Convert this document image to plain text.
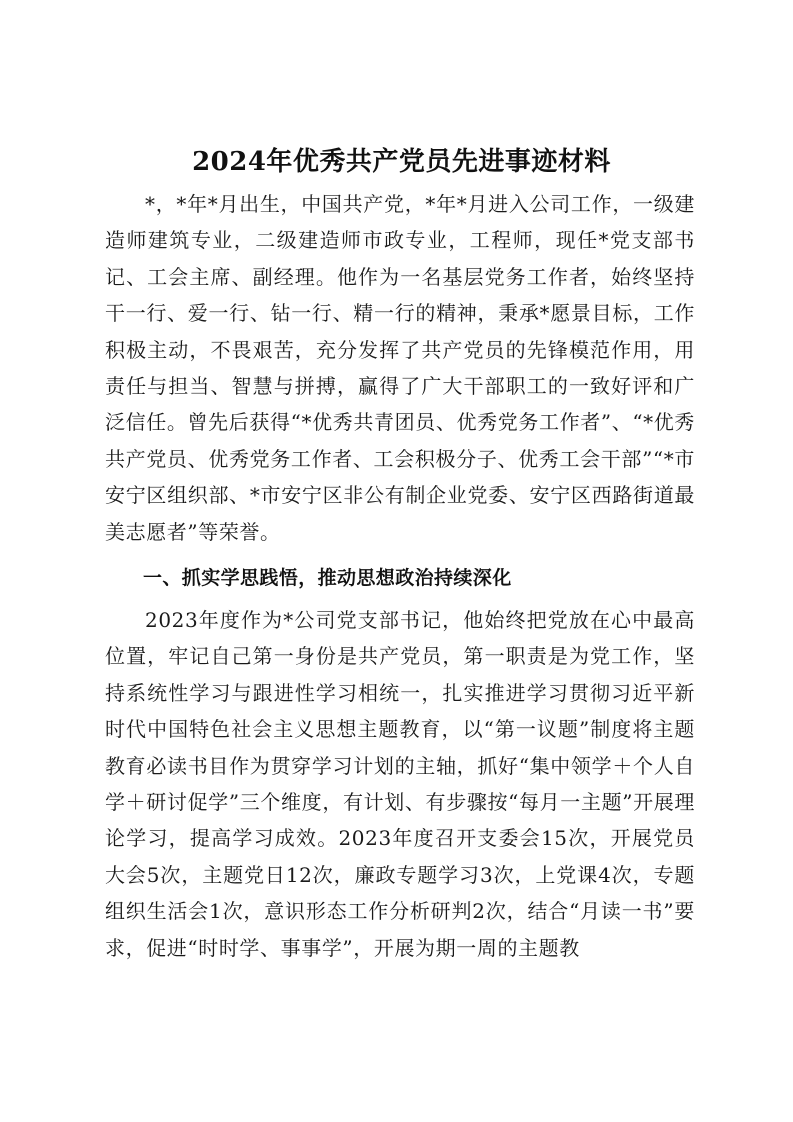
2024年优秀共产党员先进事迹材料

*，*年*月出生，中国共产党，*年*月进入公司工作，一级建造师建筑专业，二级建造师市政专业，工程师，现任*党支部书记、工会主席、副经理。他作为一名基层党务工作者，始终坚持干一行、爱一行、钻一行、精一行的精神，秉承*愿景目标，工作积极主动，不畏艰苦，充分发挥了共产党员的先锋模范作用，用责任与担当、智慧与拼搏，赢得了广大干部职工的一致好评和广泛信任。曾先后获得“*优秀共青团员、优秀党务工作者”、“*优秀共产党员、优秀党务工作者、工会积极分子、优秀工会干部”“*市安宁区组织部、*市安宁区非公有制企业党委、安宁区西路街道最美志愿者”等荣誉。

一、抓实学思践悟，推动思想政治持续深化

2023年度作为*公司党支部书记，他始终把党放在心中最高位置，牢记自己第一身份是共产党员，第一职责是为党工作，坚持系统性学习与跟进性学习相统一，扎实推进学习贯彻习近平新时代中国特色社会主义思想主题教育，以“第一议题”制度将主题教育必读书目作为贯穿学习计划的主轴，抓好“集中领学＋个人自学＋研讨促学”三个维度，有计划、有步骤按“每月一主题”开展理论学习，提高学习成效。2023年度召开支委会15次，开展党员大会5次，主题党日12次，廉政专题学习3次，上党课4次，专题组织生活会1次，意识形态工作分析研判2次，结合“月读一书”要求，促进“时时学、事事学”，开展为期一周的主题教
